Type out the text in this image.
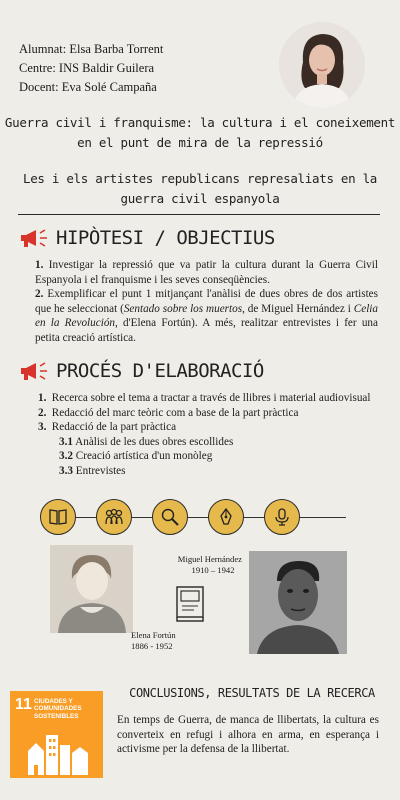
Alumnat: Elsa Barba Torrent
Centre: INS Baldir Guilera
Docent: Eva Solé Campaña
Guerra civil i franquisme: la cultura i el coneixement en el punt de mira de la repressió
Les i els artistes republicans represaliats en la guerra civil espanyola
HIPÒTESI / OBJECTIUS

1. Investigar la repressió que va patir la cultura durant la Guerra Civil Espanyola i el franquisme i les seves conseqüències.

2. Exemplificar el punt 1 mitjançant l'anàlisi de dues obres de dos artistes que he seleccionat (Sentado sobre los muertos, de Miguel Hernández i Celia en la Revolución, d'Elena Fortún). A més, realitzar entrevistes i fer una petita creació artística.

PROCÉS D'ELABORACIÓ
1.
Recerca sobre el tema a tractar a través de llibres i material audiovisual
2.
Redacció del marc teòric com a base de la part pràctica
3.
Redacció de la part pràctica
3.1 Anàlisi de les dues obres escollides
3.2 Creació artística d'un monòleg
3.3 Entrevistes
Miguel Hernández
1910 – 1942
Elena Fortún
1886 - 1952
11 CIUDADES Y COMUNIDADES SOSTENIBLES
CONCLUSIONS, RESULTATS DE LA RECERCA
En temps de Guerra, de manca de llibertats, la cultura es converteix en refugi i alhora en arma, en esperança i activisme per la defensa de la llibertat.
